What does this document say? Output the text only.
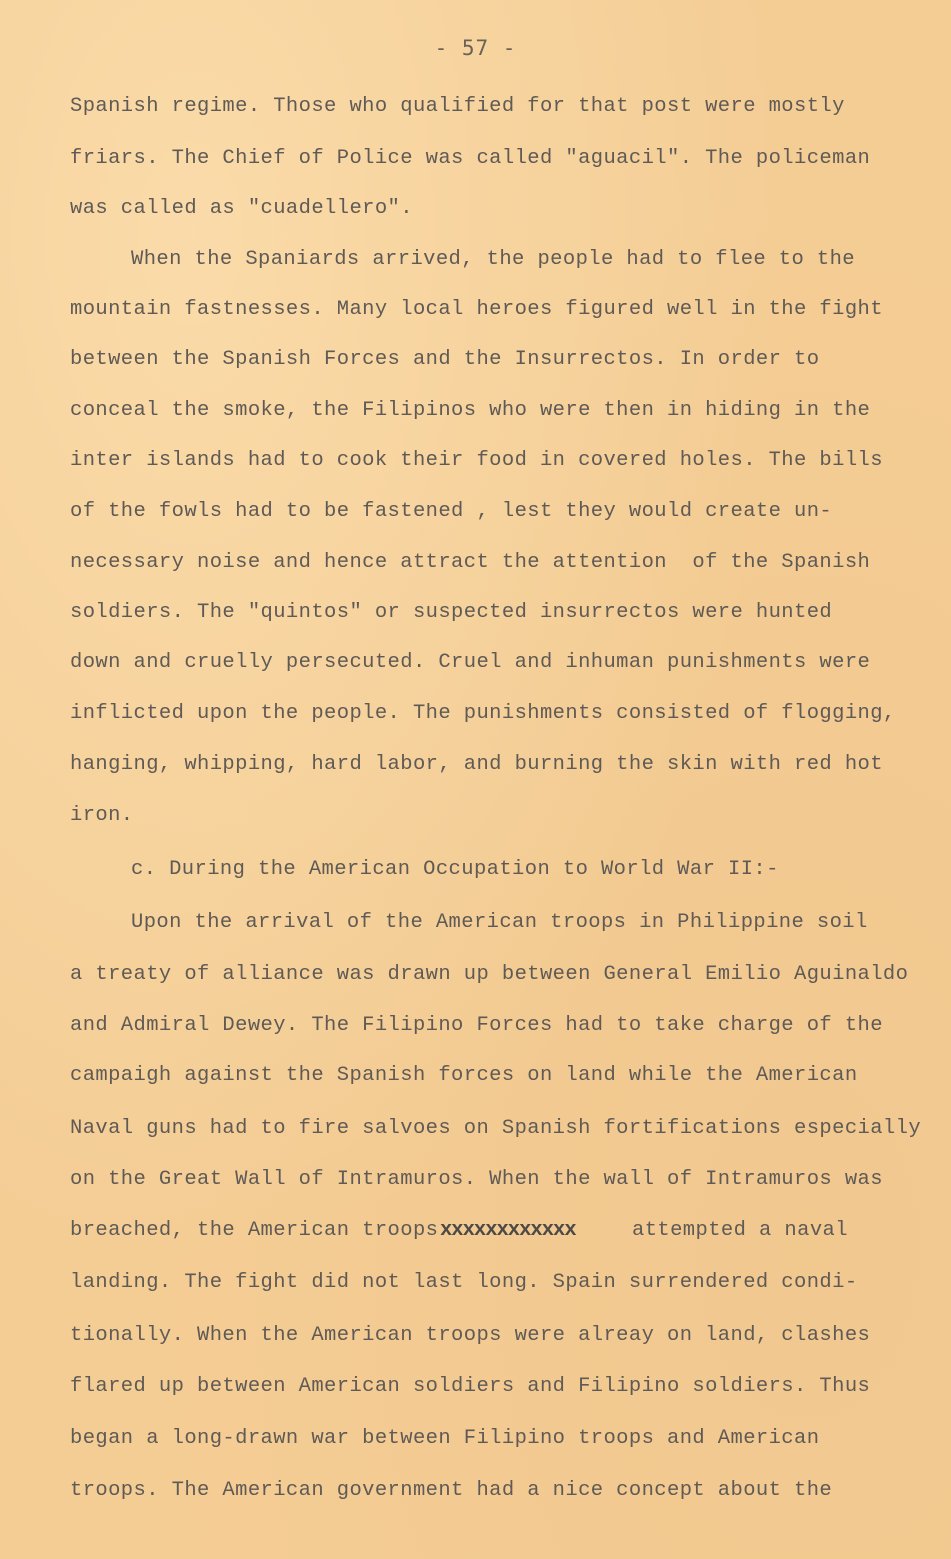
- 57 -
Spanish regime. Those who qualified for that post were mostly
friars. The Chief of Police was called "aguacil". The policeman
was called as "cuadellero".
When the Spaniards arrived, the people had to flee to the
mountain fastnesses. Many local heroes figured well in the fight
between the Spanish Forces and the Insurrectos. In order to
conceal the smoke, the Filipinos who were then in hiding in the
inter islands had to cook their food in covered holes. The bills
of the fowls had to be fastened , lest they would create un-
necessary noise and hence attract the attention  of the Spanish
soldiers. The "quintos" or suspected insurrectos were hunted
down and cruelly persecuted. Cruel and inhuman punishments were
inflicted upon the people. The punishments consisted of flogging,
hanging, whipping, hard labor, and burning the skin with red hot
iron.
c. During the American Occupation to World War II:-
Upon the arrival of the American troops in Philippine soil
a treaty of alliance was drawn up between General Emilio Aguinaldo
and Admiral Dewey. The Filipino Forces had to take charge of the
campaigh against the Spanish forces on land while the American
Naval guns had to fire salvoes on Spanish fortifications especially
on the Great Wall of Intramuros. When the wall of Intramuros was
breached, the American troops xxxxxxxxxxxx	attempted a naval
landing. The fight did not last long. Spain surrendered condi-
tionally. When the American troops were alreay on land, clashes
flared up between American soldiers and Filipino soldiers. Thus
began a long-drawn war between Filipino troops and American
troops. The American government had a nice concept about the
